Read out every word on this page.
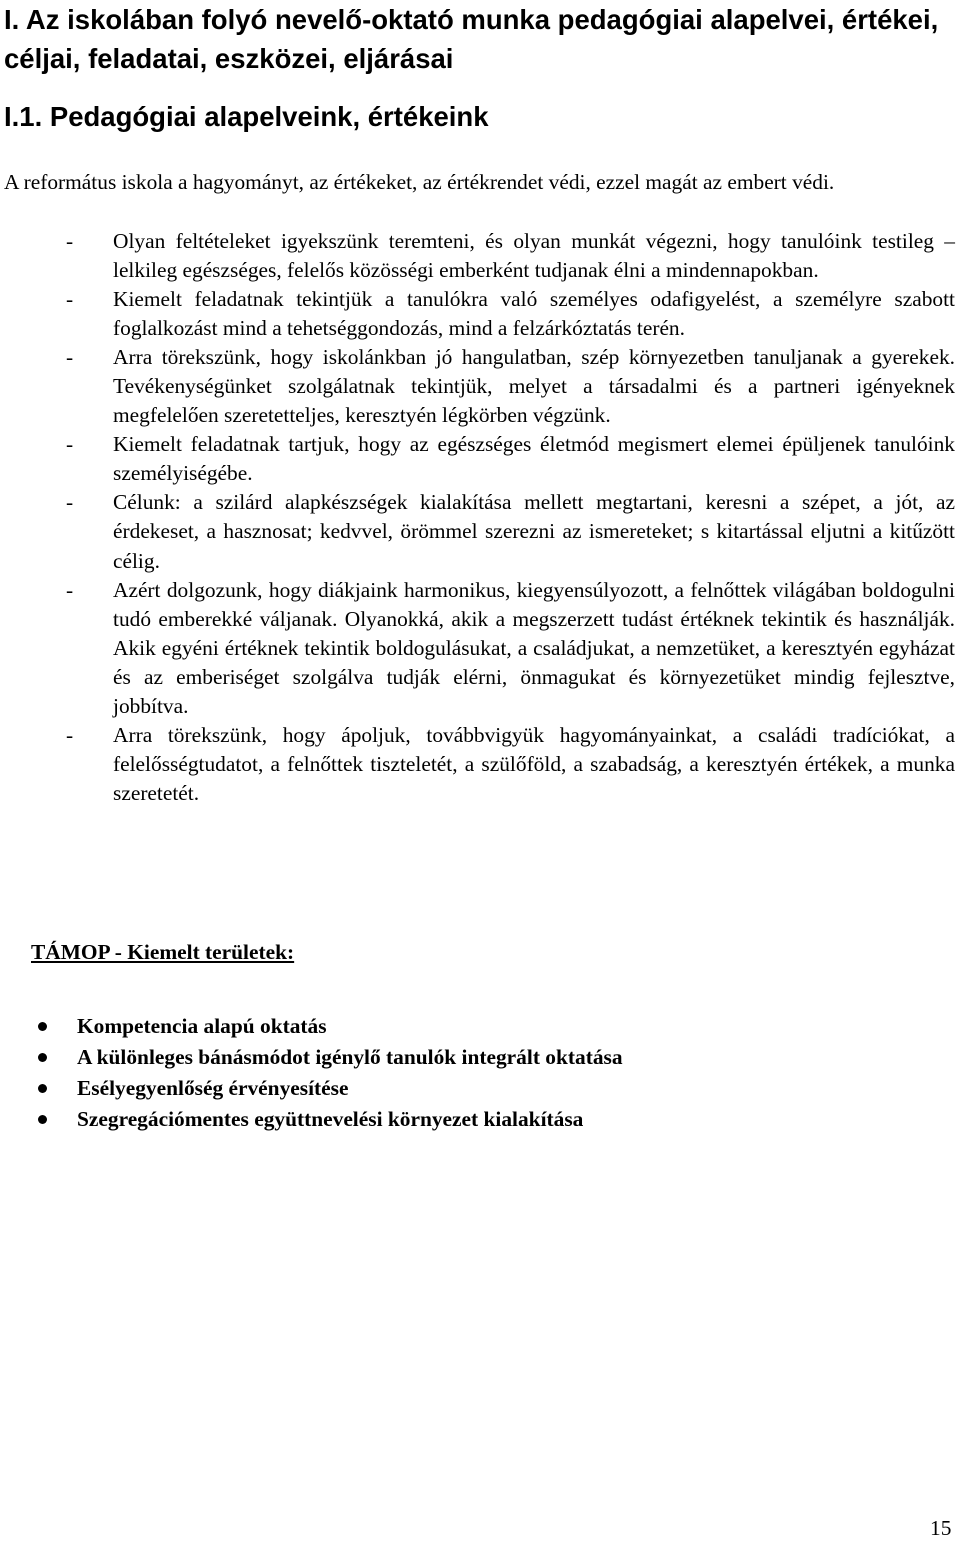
I. Az iskolában folyó nevelő-oktató munka pedagógiai alapelvei, értékei, céljai, feladatai, eszközei, eljárásai
I.1. Pedagógiai alapelveink, értékeink

A református iskola a hagyományt, az értékeket, az értékrendet védi, ezzel magát az embert védi.

- Olyan feltételeket igyekszünk teremteni, és olyan munkát végezni, hogy tanulóink testileg – lelkileg egészséges, felelős közösségi emberként tudjanak élni a mindennapokban.
- Kiemelt feladatnak tekintjük a tanulókra való személyes odafigyelést, a személyre szabott foglalkozást mind a tehetséggondozás, mind a felzárkóztatás terén.
- Arra törekszünk, hogy iskolánkban jó hangulatban, szép környezetben tanuljanak a gyerekek. Tevékenységünket szolgálatnak tekintjük, melyet a társadalmi és a partneri igényeknek megfelelően szeretetteljes, keresztyén légkörben végzünk.
- Kiemelt feladatnak tartjuk, hogy az egészséges életmód megismert elemei épüljenek tanulóink személyiségébe.
- Célunk: a szilárd alapkészségek kialakítása mellett megtartani, keresni a szépet, a jót, az érdekeset, a hasznosat; kedvvel, örömmel szerezni az ismereteket; s kitartással eljutni a kitűzött célig.
- Azért dolgozunk, hogy diákjaink harmonikus, kiegyensúlyozott, a felnőttek világában boldogulni tudó emberekké váljanak. Olyanokká, akik a megszerzett tudást értéknek tekintik és használják. Akik egyéni értéknek tekintik boldogulásukat, a családjukat, a nemzetüket, a keresztyén egyházat és az emberiséget szolgálva tudják elérni, önmagukat és környezetüket mindig fejlesztve, jobbítva.
- Arra törekszünk, hogy ápoljuk, továbbvigyük hagyományainkat, a családi tradíciókat, a felelősségtudatot, a felnőttek tiszteletét, a szülőföld, a szabadság, a keresztyén értékek, a munka szeretetét.

TÁMOP - Kiemelt területek:

Kompetencia alapú oktatás
A különleges bánásmódot igénylő tanulók integrált oktatása
Esélyegyenlőség érvényesítése
Szegregációmentes együttnevelési környezet kialakítása

15
